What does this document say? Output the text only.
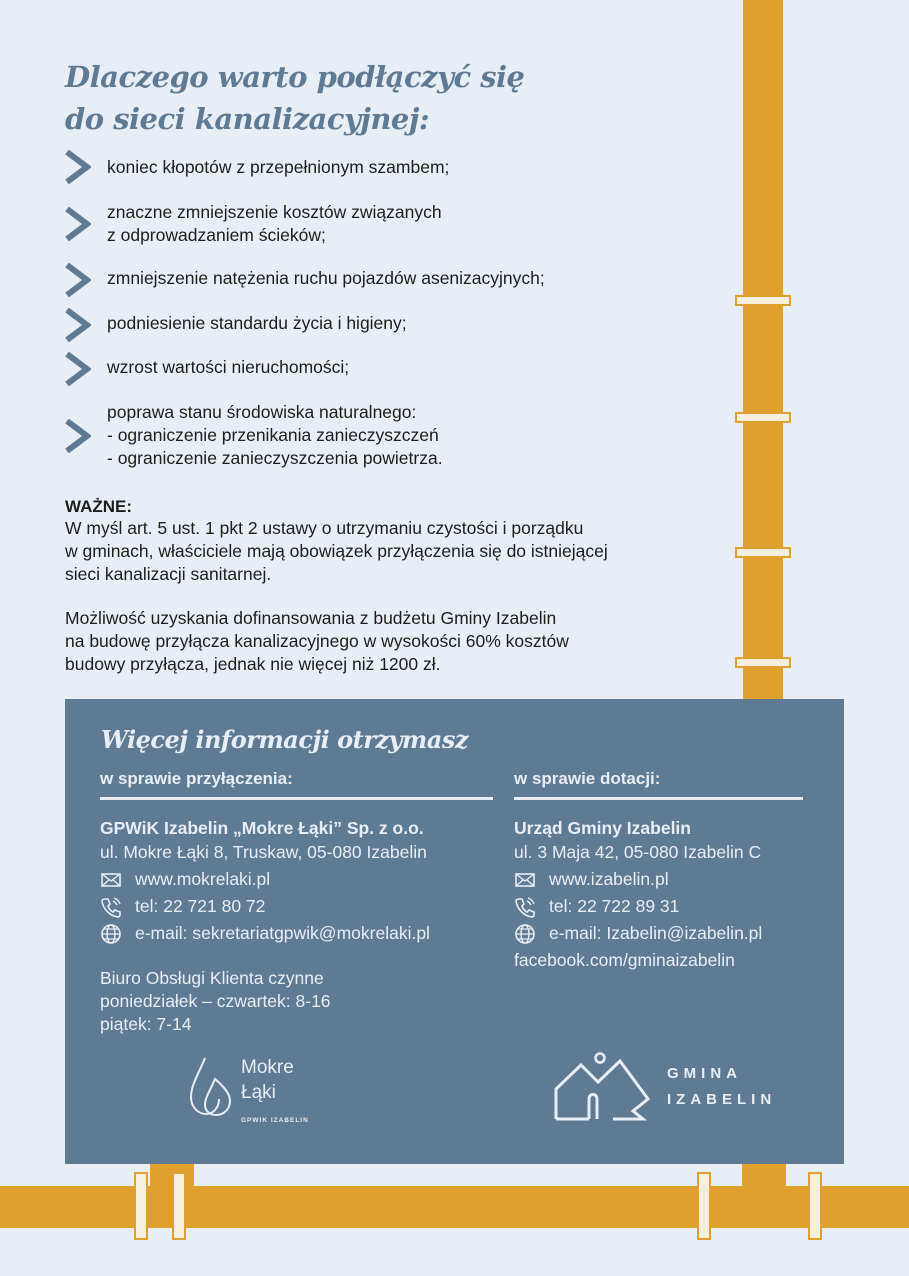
Dlaczego warto podłączyć się
do sieci kanalizacyjnej:
koniec kłopotów z przepełnionym szambem;
znaczne zmniejszenie kosztów związanych
z odprowadzaniem ścieków;
zmniejszenie natężenia ruchu pojazdów asenizacyjnych;
podniesienie standardu życia i higieny;
wzrost wartości nieruchomości;
poprawa stanu środowiska naturalnego:
- ograniczenie przenikania zanieczyszczeń
- ograniczenie zanieczyszczenia powietrza.
WAŻNE:
W myśl art. 5 ust. 1 pkt 2 ustawy o utrzymaniu czystości i porządku
w gminach, właściciele mają obowiązek przyłączenia się do istniejącej
sieci kanalizacji sanitarnej.
Możliwość uzyskania dofinansowania z budżetu Gminy Izabelin
na budowę przyłącza kanalizacyjnego w wysokości 60% kosztów
budowy przyłącza, jednak nie więcej niż 1200 zł.
Więcej informacji otrzymasz
w sprawie przyłączenia:
GPWiK Izabelin „Mokre Łąki” Sp. z o.o.
ul. Mokre Łąki 8, Truskaw, 05-080 Izabelin
www.mokrelaki.pl
tel: 22 721 80 72
e-mail: sekretariatgpwik@mokrelaki.pl
Biuro Obsługi Klienta czynne
poniedziałek – czwartek: 8-16
piątek: 7-14
w sprawie dotacji:
Urząd Gminy Izabelin
ul. 3 Maja 42, 05-080 Izabelin C
www.izabelin.pl
tel: 22 722 89 31
e-mail: Izabelin@izabelin.pl
facebook.com/gminaizabelin
Mokre
Łąki
GPWIK IZABELIN
GMINA
IZABELIN
